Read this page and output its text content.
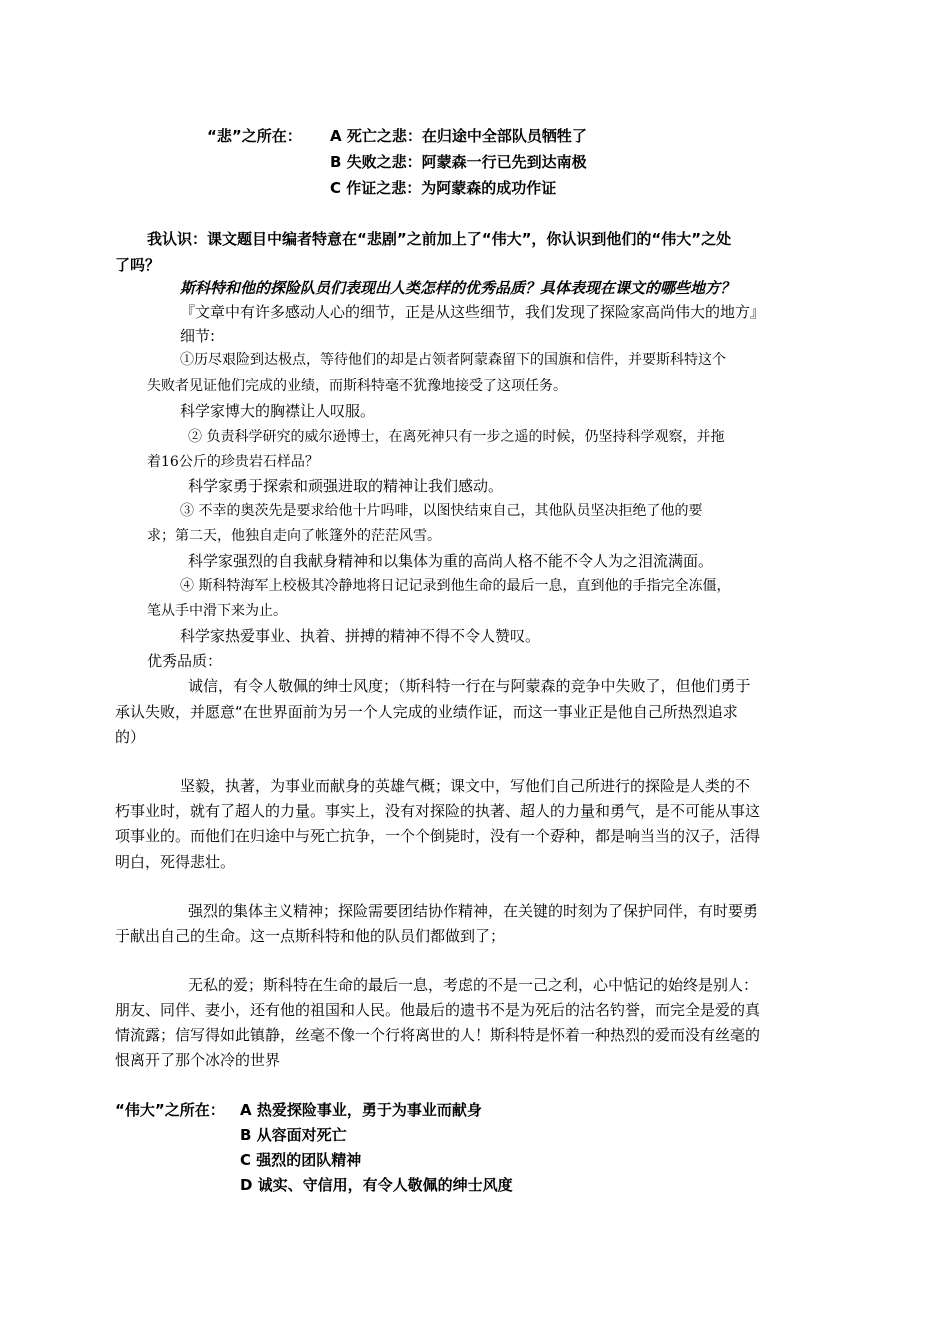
“悲”之所在： A 死亡之悲：在归途中全部队员牺牲了
B 失败之悲：阿蒙森一行已先到达南极
C 作证之悲：为阿蒙森的成功作证
我认识：课文题目中编者特意在“悲剧”之前加上了“伟大”，你认识到他们的“伟大”之处
了吗？
斯科特和他的探险队员们表现出人类怎样的优秀品质？具体表现在课文的哪些地方？
『文章中有许多感动人心的细节，正是从这些细节，我们发现了探险家高尚伟大的地方』
细节:
①历尽艰险到达极点，等待他们的却是占领者阿蒙森留下的国旗和信件，并要斯科特这个
失败者见证他们完成的业绩，而斯科特毫不犹豫地接受了这项任务。
科学家博大的胸襟让人叹服。
② 负责科学研究的威尔逊博士，在离死神只有一步之遥的时候，仍坚持科学观察，并拖
着16公斤的珍贵岩石样品？
科学家勇于探索和顽强进取的精神让我们感动。
③ 不幸的奥茨先是要求给他十片吗啡，以图快结束自己，其他队员坚决拒绝了他的要
求；第二天，他独自走向了帐篷外的茫茫风雪。
科学家强烈的自我献身精神和以集体为重的高尚人格不能不令人为之泪流满面。
④ 斯科特海军上校极其冷静地将日记记录到他生命的最后一息，直到他的手指完全冻僵，
笔从手中滑下来为止。
科学家热爱事业、执着、拼搏的精神不得不令人赞叹。
优秀品质：
诚信，有令人敬佩的绅士风度；（斯科特一行在与阿蒙森的竞争中失败了，但他们勇于
承认失败，并愿意“在世界面前为另一个人完成的业绩作证，而这一事业正是他自己所热烈追求
的）
坚毅，执著，为事业而献身的英雄气概；课文中，写他们自己所进行的探险是人类的不
朽事业时，就有了超人的力量。事实上，没有对探险的执著、超人的力量和勇气，是不可能从事这
项事业的。而他们在归途中与死亡抗争，一个个倒毙时，没有一个孬种，都是响当当的汉子，活得
明白，死得悲壮。
强烈的集体主义精神；探险需要团结协作精神，在关键的时刻为了保护同伴，有时要勇
于献出自己的生命。这一点斯科特和他的队员们都做到了；
无私的爱；斯科特在生命的最后一息，考虑的不是一己之利，心中惦记的始终是别人：
朋友、同伴、妻小，还有他的祖国和人民。他最后的遗书不是为死后的沽名钓誉，而完全是爱的真
情流露；信写得如此镇静，丝毫不像一个行将离世的人！斯科特是怀着一种热烈的爱而没有丝毫的
恨离开了那个冰冷的世界
“伟大”之所在： A 热爱探险事业，勇于为事业而献身
B 从容面对死亡
C 强烈的团队精神
D 诚实、守信用，有令人敬佩的绅士风度
